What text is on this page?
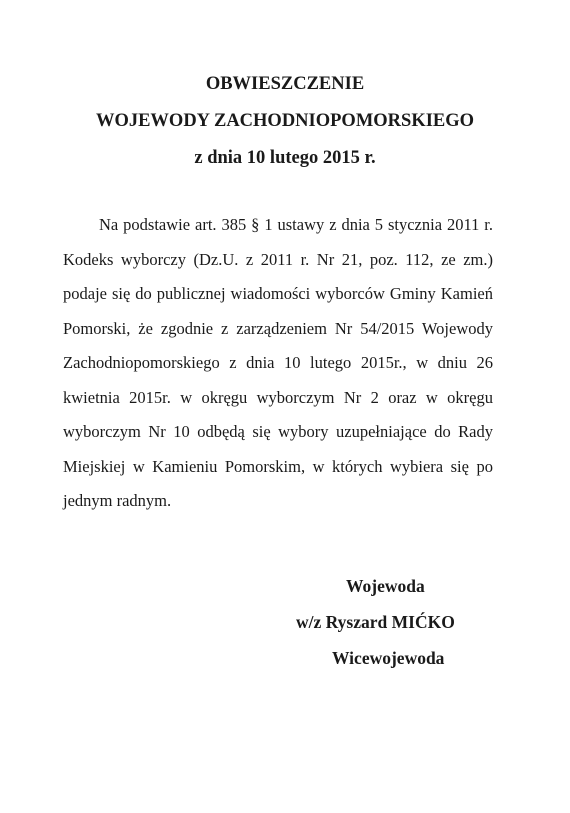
OBWIESZCZENIE
WOJEWODY ZACHODNIOPOMORSKIEGO
z dnia 10 lutego 2015 r.
Na podstawie art. 385 § 1 ustawy z dnia 5 stycznia 2011 r. Kodeks wyborczy (Dz.U. z 2011 r. Nr 21, poz. 112, ze zm.) podaje się do publicznej wiadomości wyborców Gminy Kamień Pomorski, że zgodnie z zarządzeniem Nr 54/2015 Wojewody Zachodniopomorskiego z dnia 10 lutego 2015r., w dniu 26 kwietnia 2015r. w okręgu wyborczym Nr 2 oraz w okręgu wyborczym Nr 10 odbędą się wybory uzupełniające do Rady Miejskiej w Kamieniu Pomorskim, w których wybiera się po jednym radnym.
Wojewoda
w/z Ryszard MIĆKO
Wicewojewoda
